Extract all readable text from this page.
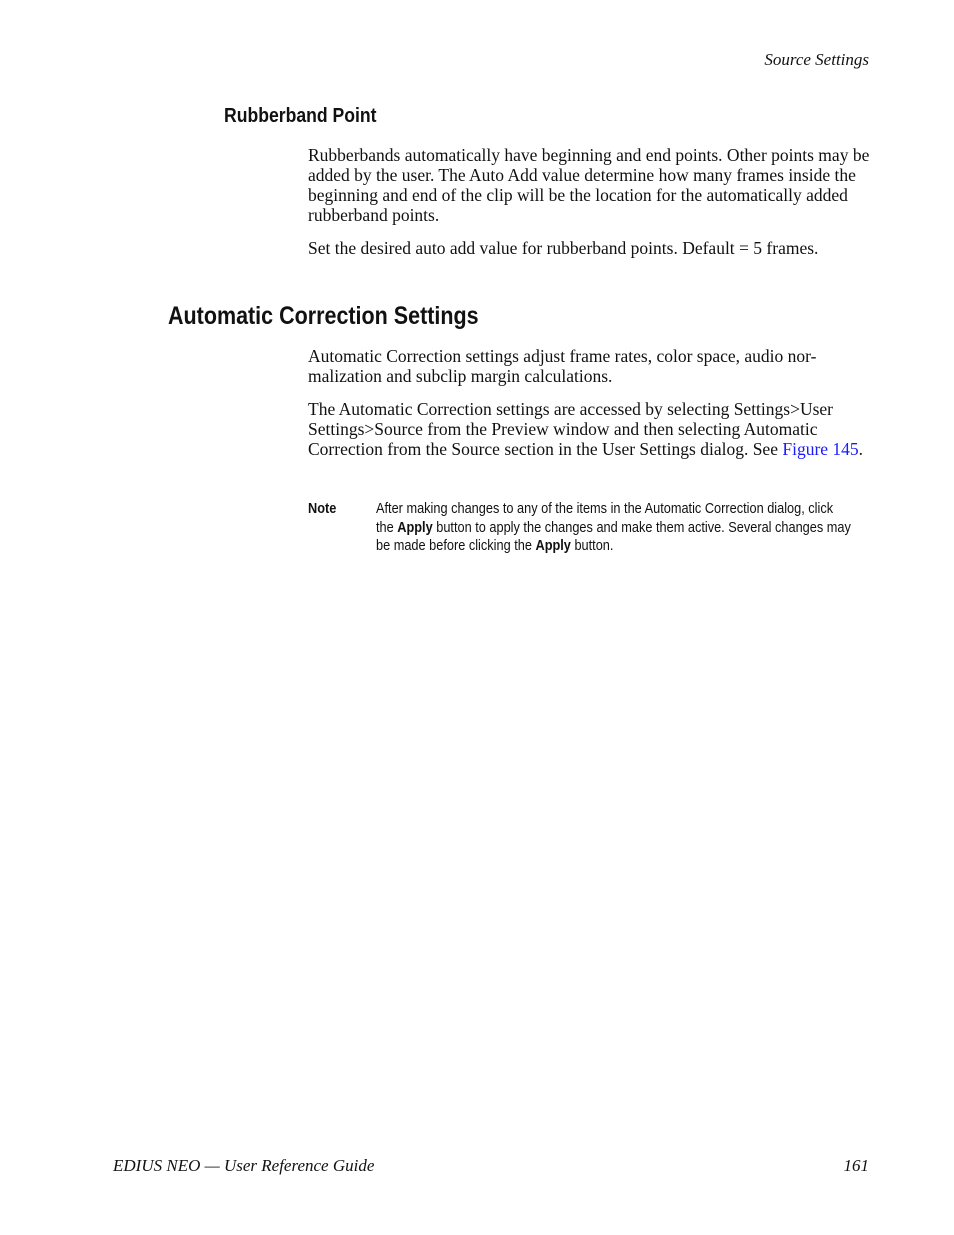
Source Settings
Rubberband Point

Rubberbands automatically have beginning and end points. Other points may be added by the user. The Auto Add value determine how many frames inside the beginning and end of the clip will be the location for the automatically added rubberband points.

Set the desired auto add value for rubberband points. Default = 5 frames.

Automatic Correction Settings

Automatic Correction settings adjust frame rates, color space, audio nor-
malization and subclip margin calculations.

The Automatic Correction settings are accessed by selecting Settings>User Settings>Source from the Preview window and then selecting Automatic Correction from the Source section in the User Settings dialog. See Figure 145.

Note	After making changes to any of the items in the Automatic Correction dialog, click the Apply button to apply the changes and make them active. Several changes may be made before clicking the Apply button.

EDIUS NEO — User Reference Guide	161
